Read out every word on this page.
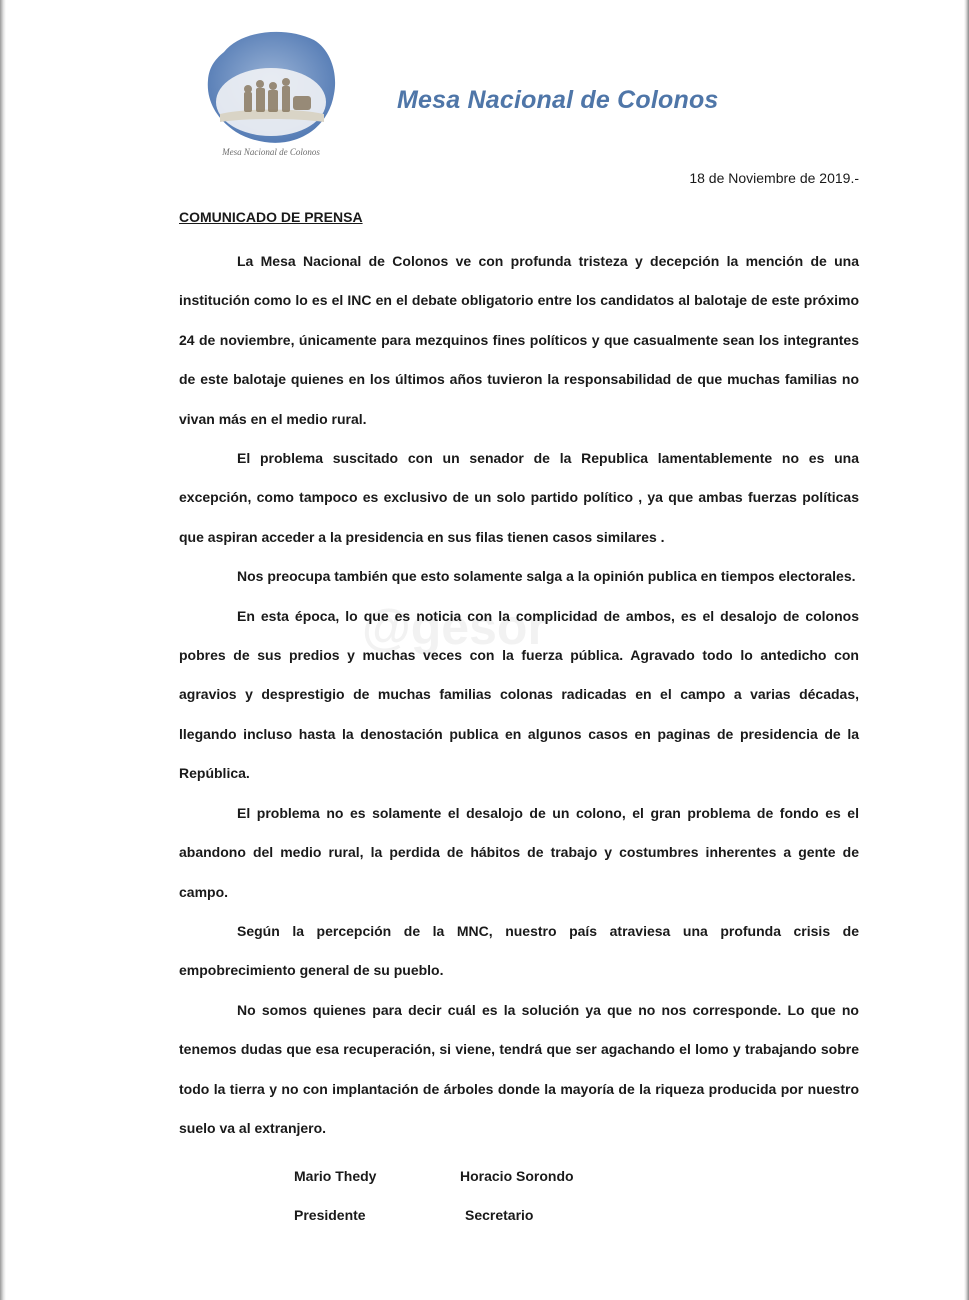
Mesa Nacional de Colonos
Mesa Nacional de Colonos
18 de Noviembre de 2019.-
COMUNICADO DE PRENSA
@gesor

La Mesa Nacional de Colonos ve con profunda tristeza y decepción la mención de una institución como lo es el INC en el debate obligatorio entre los candidatos al balotaje de este próximo 24 de noviembre, únicamente para mezquinos fines políticos y que casualmente sean los integrantes de este balotaje quienes en los últimos años tuvieron la responsabilidad de que muchas familias no vivan más en el medio rural.

El problema suscitado con un senador de la Republica lamentablemente no es una excepción, como tampoco es exclusivo de un solo partido político , ya que ambas fuerzas políticas que aspiran acceder a la presidencia en sus filas tienen casos similares .

Nos preocupa también que esto solamente salga a la opinión publica en tiempos electorales.

En esta época, lo que es noticia con la complicidad de ambos, es el desalojo de colonos pobres de sus predios y muchas veces con la fuerza pública. Agravado todo lo antedicho con agravios y desprestigio de muchas familias colonas radicadas en el campo a varias décadas, llegando incluso hasta la denostación publica en algunos casos en paginas de presidencia de la República.

El problema no es solamente el desalojo de un colono, el gran problema de fondo es el abandono del medio rural, la perdida de hábitos de trabajo y costumbres inherentes a gente de campo.

Según la percepción de la MNC, nuestro país atraviesa una profunda crisis de empobrecimiento general de su pueblo.

No somos quienes para decir cuál es la solución ya que no nos corresponde. Lo que no tenemos dudas que esa recuperación, si viene, tendrá que ser agachando el lomo y trabajando sobre todo la tierra y no con implantación de árboles donde la mayoría de la riqueza producida por nuestro suelo va al extranjero.

Mario Thedy	Horacio Sorondo
Presidente	Secretario
